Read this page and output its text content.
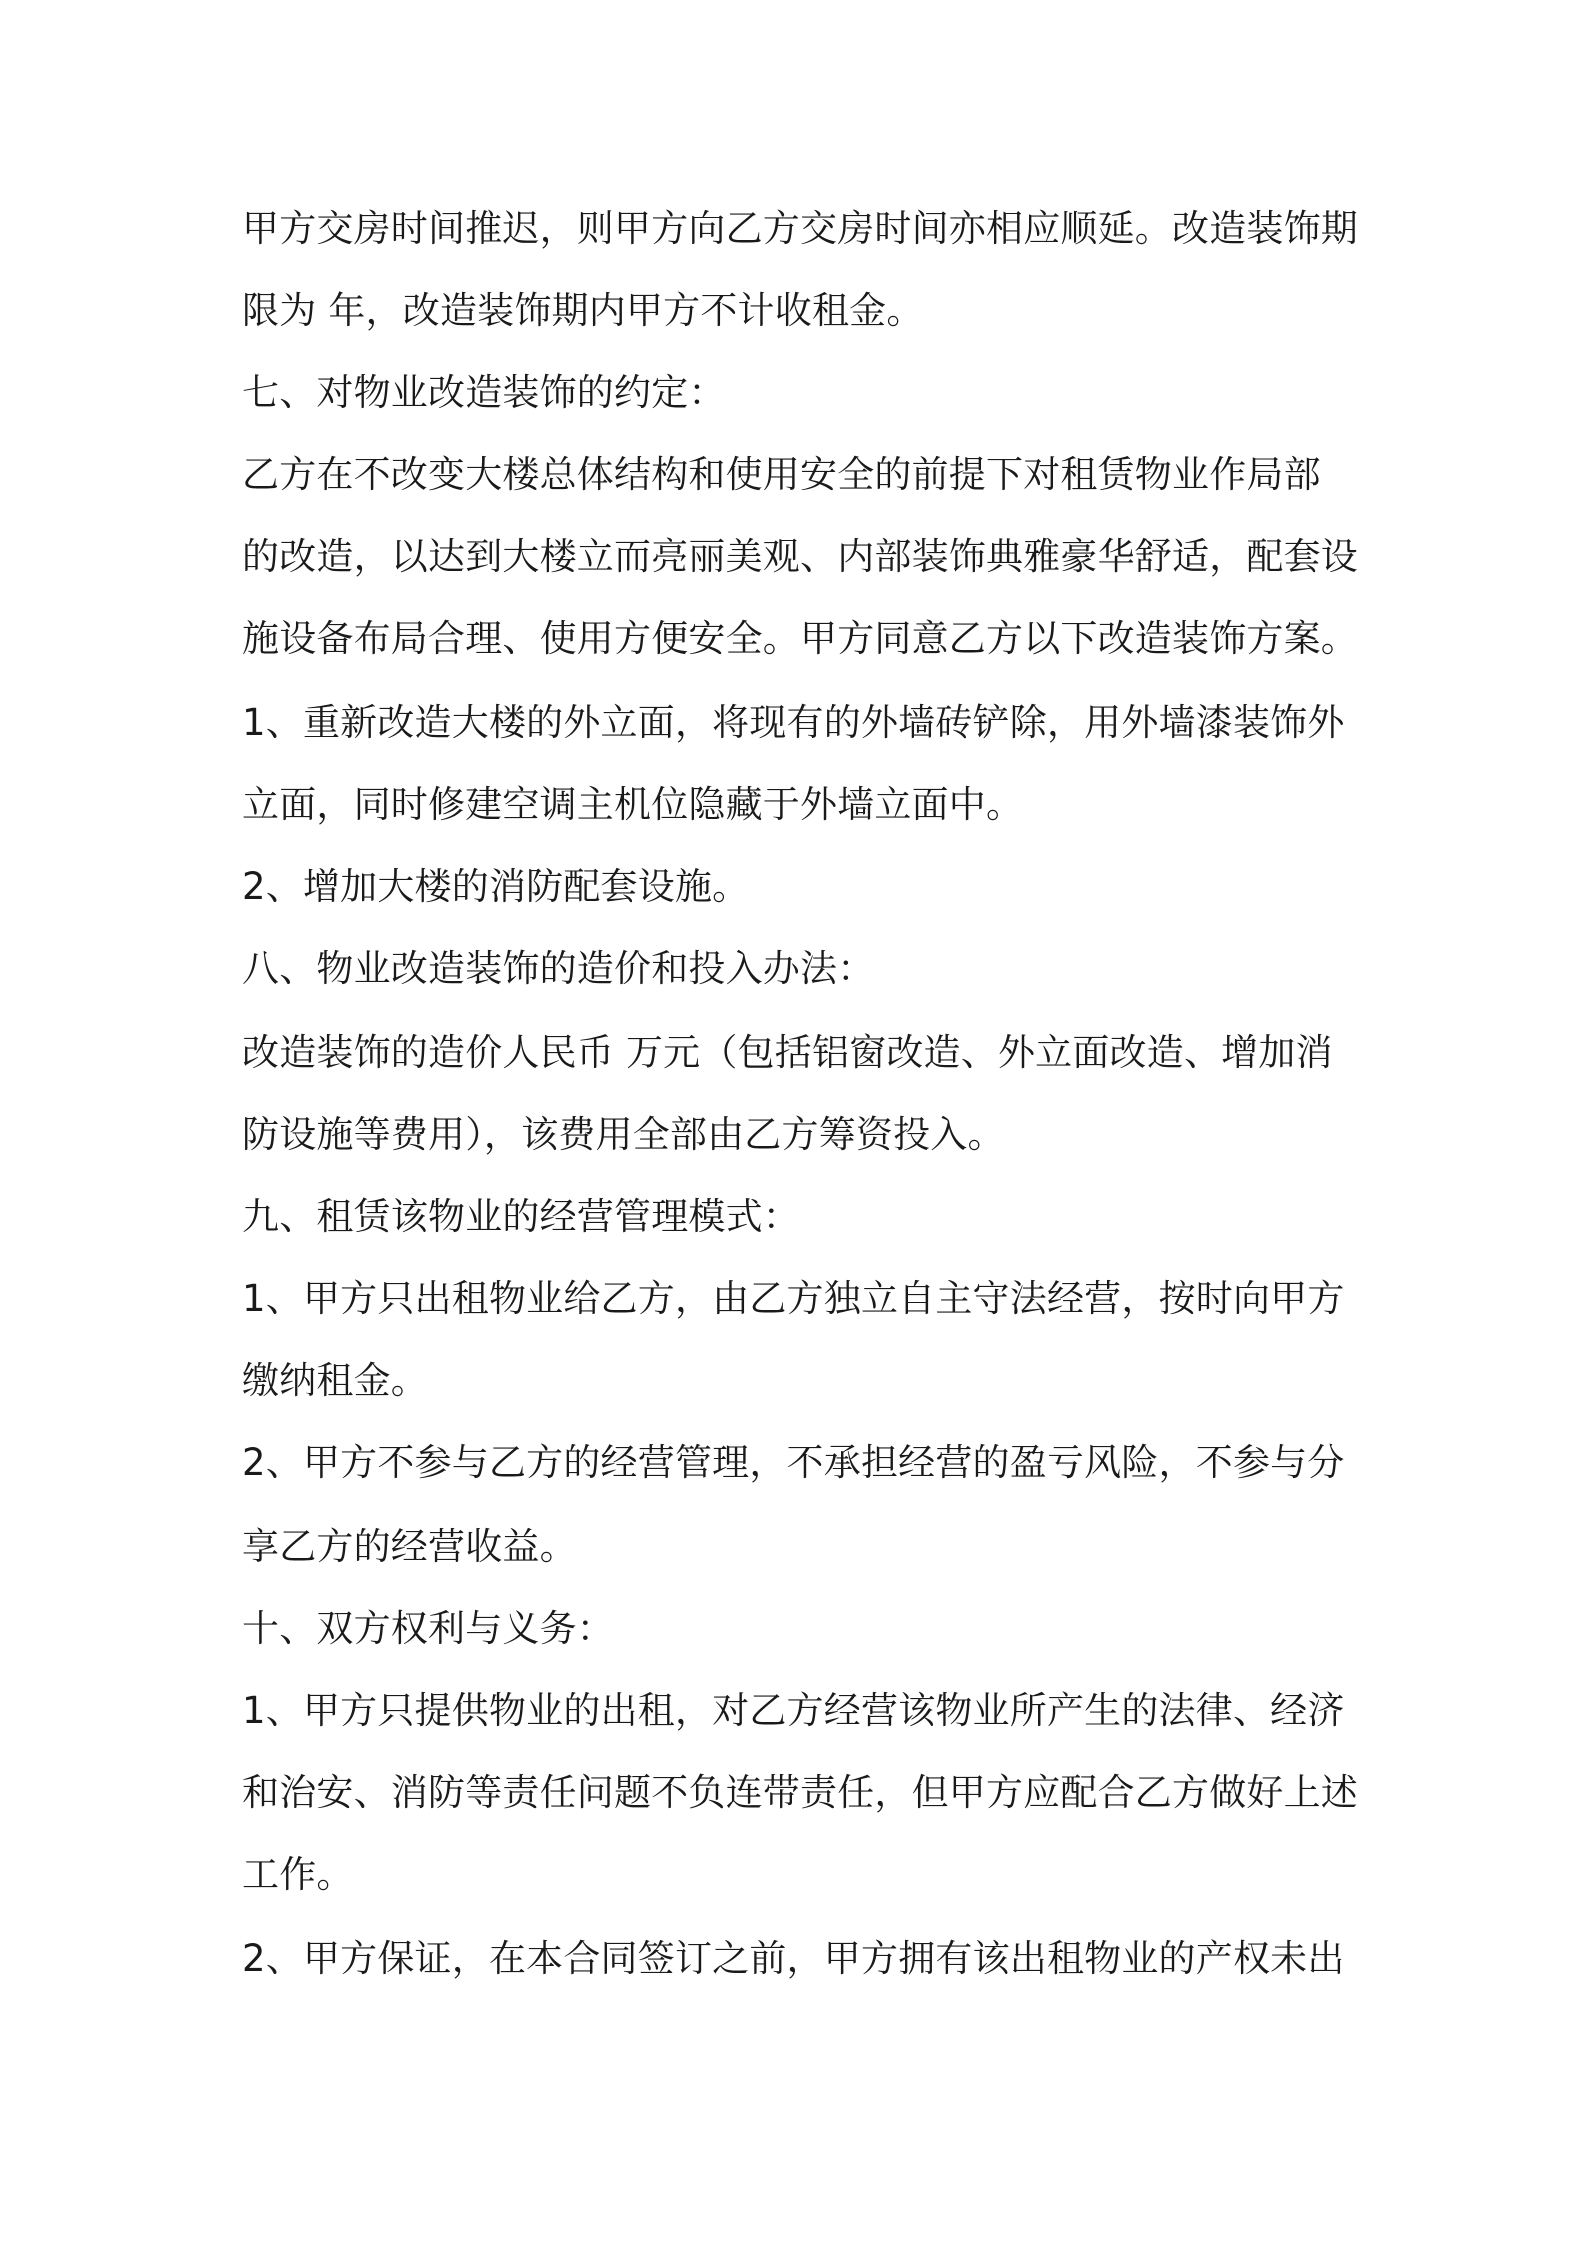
甲方交房时间推迟，则甲方向乙方交房时间亦相应顺延。改造装饰期
限为 年，改造装饰期内甲方不计收租金。
七、对物业改造装饰的约定：
乙方在不改变大楼总体结构和使用安全的前提下对租赁物业作局部
的改造，以达到大楼立而亮丽美观、内部装饰典雅豪华舒适，配套设
施设备布局合理、使用方便安全。甲方同意乙方以下改造装饰方案。
1、重新改造大楼的外立面，将现有的外墙砖铲除，用外墙漆装饰外
立面，同时修建空调主机位隐藏于外墙立面中。
2、增加大楼的消防配套设施。
八、物业改造装饰的造价和投入办法：
改造装饰的造价人民币 万元（包括铝窗改造、外立面改造、增加消
防设施等费用），该费用全部由乙方筹资投入。
九、租赁该物业的经营管理模式：
1、甲方只出租物业给乙方，由乙方独立自主守法经营，按时向甲方
缴纳租金。
2、甲方不参与乙方的经营管理，不承担经营的盈亏风险，不参与分
享乙方的经营收益。
十、双方权利与义务：
1、甲方只提供物业的出租，对乙方经营该物业所产生的法律、经济
和治安、消防等责任问题不负连带责任，但甲方应配合乙方做好上述
工作。
2、甲方保证，在本合同签订之前，甲方拥有该出租物业的产权未出
